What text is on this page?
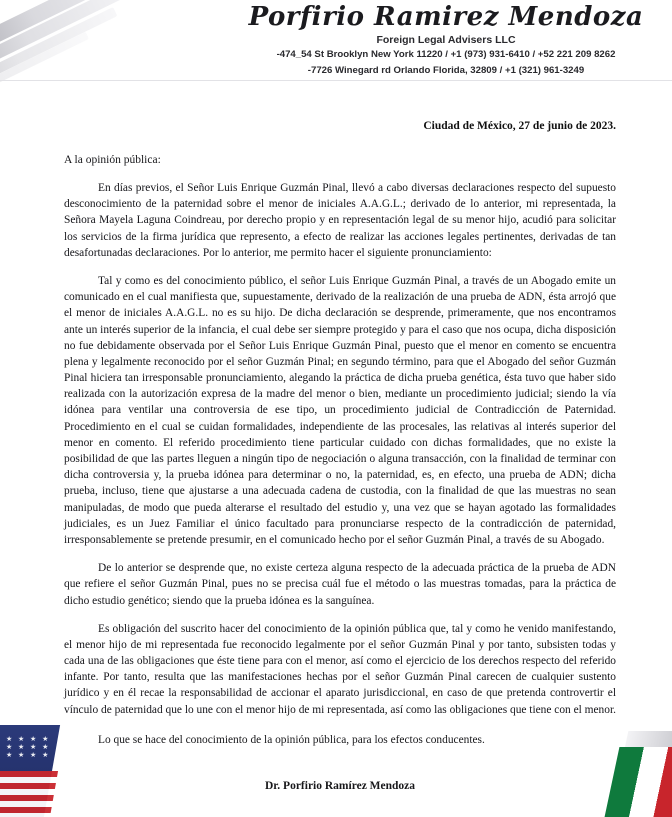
Porfirio Ramirez Mendoza
Foreign Legal Advisers LLC
-474_54 St Brooklyn New York 11220 / +1 (973) 931-6410 / +52 221 209 8262
-7726 Winegard rd Orlando Florida, 32809 / +1 (321) 961-3249
Ciudad de México, 27 de junio de 2023.
A la opinión pública:

En días previos, el Señor Luis Enrique Guzmán Pinal, llevó a cabo diversas declaraciones respecto del supuesto desconocimiento de la paternidad sobre el menor de iniciales A.A.G.L.; derivado de lo anterior, mi representada, la Señora Mayela Laguna Coindreau, por derecho propio y en representación legal de su menor hijo, acudió para solicitar los servicios de la firma jurídica que represento, a efecto de realizar las acciones legales pertinentes, derivadas de tan desafortunadas declaraciones. Por lo anterior, me permito hacer el siguiente pronunciamiento:

Tal y como es del conocimiento público, el señor Luis Enrique Guzmán Pinal, a través de un Abogado emite un comunicado en el cual manifiesta que, supuestamente, derivado de la realización de una prueba de ADN, ésta arrojó que el menor de iniciales A.A.G.L. no es su hijo. De dicha declaración se desprende, primeramente, que nos encontramos ante un interés superior de la infancia, el cual debe ser siempre protegido y para el caso que nos ocupa, dicha disposición no fue debidamente observada por el Señor Luis Enrique Guzmán Pinal, puesto que el menor en comento se encuentra plena y legalmente reconocido por el señor Guzmán Pinal; en segundo término, para que el Abogado del señor Guzmán Pinal hiciera tan irresponsable pronunciamiento, alegando la práctica de dicha prueba genética, ésta tuvo que haber sido realizada con la autorización expresa de la madre del menor o bien, mediante un procedimiento judicial; siendo la vía idónea para ventilar una controversia de ese tipo, un procedimiento judicial de Contradicción de Paternidad. Procedimiento en el cual se cuidan formalidades, independiente de las procesales, las relativas al interés superior del menor en comento. El referido procedimiento tiene particular cuidado con dichas formalidades, que no existe la posibilidad de que las partes lleguen a ningún tipo de negociación o alguna transacción, con la finalidad de terminar con dicha controversia y, la prueba idónea para determinar o no, la paternidad, es, en efecto, una prueba de ADN; dicha prueba, incluso, tiene que ajustarse a una adecuada cadena de custodia, con la finalidad de que las muestras no sean manipuladas, de modo que pueda alterarse el resultado del estudio y, una vez que se hayan agotado las formalidades judiciales, es un Juez Familiar el único facultado para pronunciarse respecto de la contradicción de paternidad, irresponsablemente se pretende presumir, en el comunicado hecho por el señor Guzmán Pinal, a través de su Abogado.

De lo anterior se desprende que, no existe certeza alguna respecto de la adecuada práctica de la prueba de ADN que refiere el señor Guzmán Pinal, pues no se precisa cuál fue el método o las muestras tomadas, para la práctica de dicho estudio genético; siendo que la prueba idónea es la sanguínea.

Es obligación del suscrito hacer del conocimiento de la opinión pública que, tal y como he venido manifestando, el menor hijo de mi representada fue reconocido legalmente por el señor Guzmán Pinal y por tanto, subsisten todas y cada una de las obligaciones que éste tiene para con el menor, así como el ejercicio de los derechos respecto del referido infante. Por tanto, resulta que las manifestaciones hechas por el señor Guzmán Pinal carecen de cualquier sustento jurídico y en él recae la responsabilidad de accionar el aparato jurisdiccional, en caso de que pretenda controvertir el vínculo de paternidad que lo une con el menor hijo de mi representada, así como las obligaciones que tiene con el menor.

Lo que se hace del conocimiento de la opinión pública, para los efectos conducentes.

Dr. Porfirio Ramírez Mendoza
★ ★ ★ ★ ★ ★ ★ ★ ★ ★ ★ ★
